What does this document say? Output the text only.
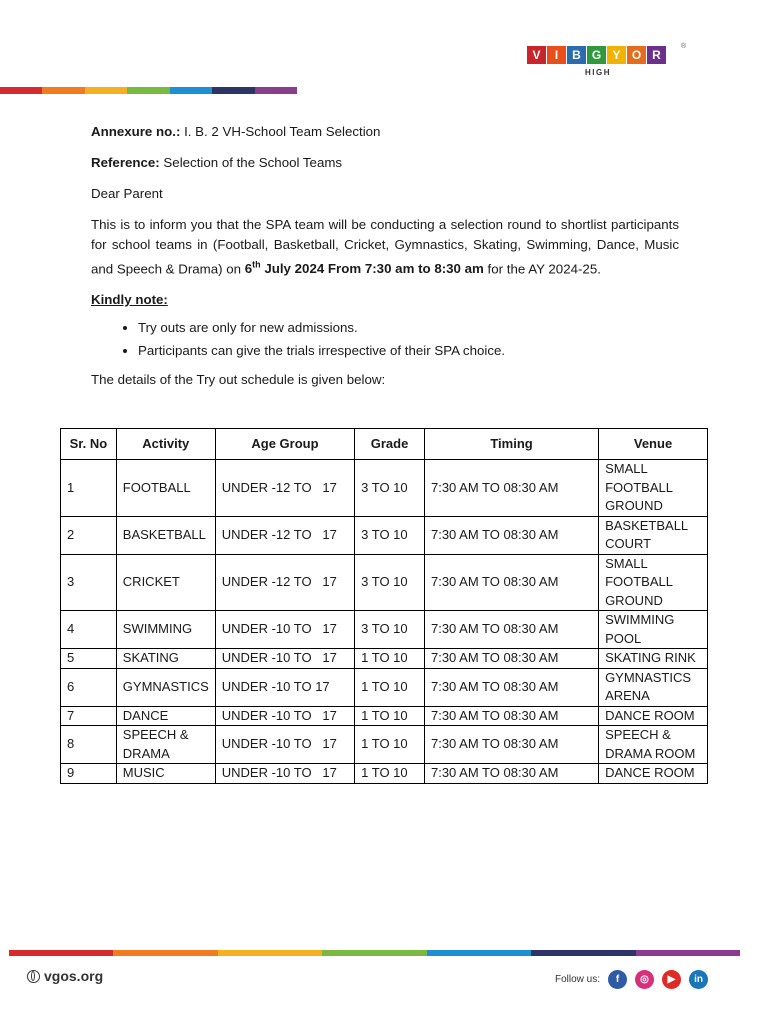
V	I	B G Y O R
HIGH
®

Annexure no.: I. B. 2 VH-School Team Selection

Reference: Selection of the School Teams

Dear Parent

This is to inform you that the SPA team will be conducting a selection round to shortlist participants for school teams in (Football, Basketball, Cricket, Gymnastics, Skating, Swimming, Dance, Music and Speech & Drama) on 6th July 2024 From 7:30 am to 8:30 am for the AY 2024-25.

Kindly note:

• Try outs are only for new admissions.
• Participants can give the trials irrespective of their SPA choice.

The details of the Try out schedule is given below:

Sr. No	Activity	Age Group	Grade	Timing	Venue
1	FOOTBALL	UNDER -12 TO   17	3 TO 10	7:30 AM TO 08:30 AM	SMALL FOOTBALL GROUND
2	BASKETBALL	UNDER -12 TO   17	3 TO 10	7:30 AM TO 08:30 AM	BASKETBALL COURT
3	CRICKET	UNDER -12 TO   17	3 TO 10	7:30 AM TO 08:30 AM	SMALL FOOTBALL GROUND
4	SWIMMING	UNDER -10 TO   17	3 TO 10	7:30 AM TO 08:30 AM	SWIMMING POOL
5	SKATING	UNDER -10 TO   17	1 TO 10	7:30 AM TO 08:30 AM	SKATING RINK
6	GYMNASTICS	UNDER -10 TO 17	1 TO 10	7:30 AM TO 08:30 AM	GYMNASTICS ARENA
7	DANCE	UNDER -10 TO   17	1 TO 10	7:30 AM TO 08:30 AM	DANCE ROOM
8	SPEECH & DRAMA	UNDER -10 TO   17	1 TO 10	7:30 AM TO 08:30 AM	SPEECH & DRAMA ROOM
9	MUSIC	UNDER -10 TO   17	1 TO 10	7:30 AM TO 08:30 AM	DANCE ROOM
vgos.org	Follow us:	f	◎	▶	in
